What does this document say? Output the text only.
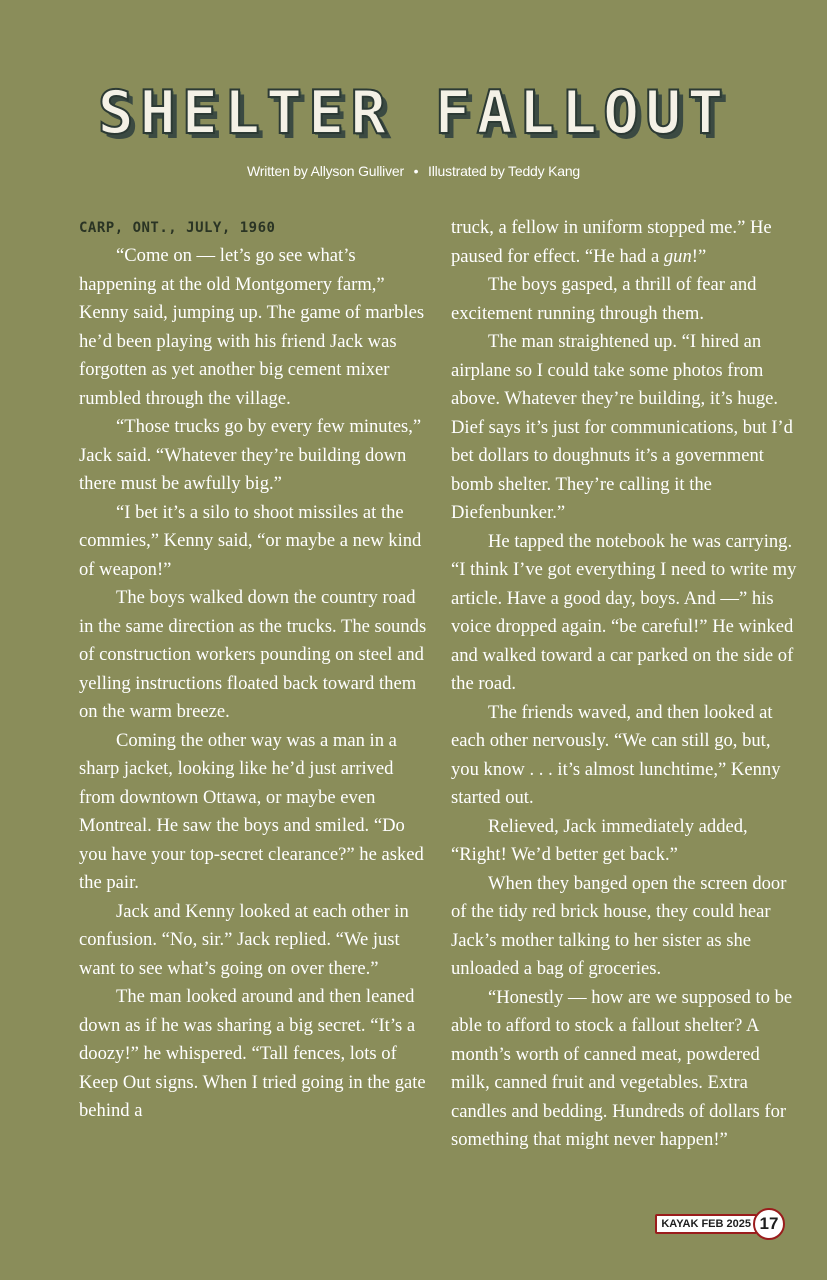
SHELTER FALLOUT
Written by Allyson Gulliver • Illustrated by Teddy Kang
CARP, ONT., JULY, 1960

“Come on — let’s go see what’s happening at the old Montgomery farm,” Kenny said, jumping up. The game of marbles he’d been playing with his friend Jack was forgotten as yet another big cement mixer rumbled through the village.

“Those trucks go by every few minutes,” Jack said. “Whatever they’re building down there must be awfully big.”

“I bet it’s a silo to shoot missiles at the commies,” Kenny said, “or maybe a new kind of weapon!”

The boys walked down the country road in the same direction as the trucks. The sounds of construction workers pounding on steel and yelling instructions floated back toward them on the warm breeze.

Coming the other way was a man in a sharp jacket, looking like he’d just arrived from downtown Ottawa, or maybe even Montreal. He saw the boys and smiled. “Do you have your top-secret clearance?” he asked the pair.

Jack and Kenny looked at each other in confusion. “No, sir.” Jack replied. “We just want to see what’s going on over there.”

The man looked around and then leaned down as if he was sharing a big secret. “It’s a doozy!” he whispered. “Tall fences, lots of Keep Out signs. When I tried going in the gate behind a

truck, a fellow in uniform stopped me.” He paused for effect. “He had a gun!”

The boys gasped, a thrill of fear and excitement running through them.

The man straightened up. “I hired an airplane so I could take some photos from above. Whatever they’re building, it’s huge. Dief says it’s just for communications, but I’d bet dollars to doughnuts it’s a government bomb shelter. They’re calling it the Diefenbunker.”

He tapped the notebook he was carrying. “I think I’ve got everything I need to write my article. Have a good day, boys. And —” his voice dropped again. “be careful!” He winked and walked toward a car parked on the side of the road.

The friends waved, and then looked at each other nervously. “We can still go, but, you know . . . it’s almost lunchtime,” Kenny started out.

Relieved, Jack immediately added, “Right! We’d better get back.”

When they banged open the screen door of the tidy red brick house, they could hear Jack’s mother talking to her sister as she unloaded a bag of groceries.

“Honestly — how are we supposed to be able to afford to stock a fallout shelter? A month’s worth of canned meat, powdered milk, canned fruit and vegetables. Extra candles and bedding. Hundreds of dollars for something that might never happen!”

KAYAK FEB 2025 17
